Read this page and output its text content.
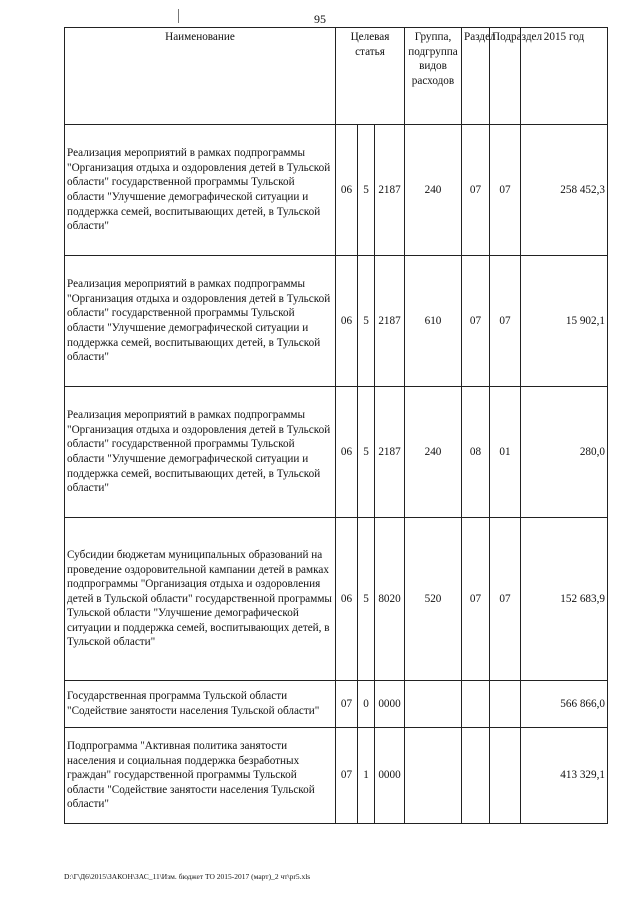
95
Наименование	Целевая статья			Группа, подгруппа видов расходов	Раздел	Подраздел	2015 год
Реализация мероприятий в рамках подпрограммы "Организация отдыха и оздоровления детей в Тульской области" государственной программы Тульской области "Улучшение демографической ситуации и поддержка семей, воспитывающих детей, в Тульской области"	06	5	2187	240	07	07	258 452,3
Реализация мероприятий в рамках подпрограммы "Организация отдыха и оздоровления детей в Тульской области" государственной программы Тульской области "Улучшение демографической ситуации и поддержка семей, воспитывающих детей, в Тульской области"	06	5	2187	610	07	07	15 902,1
Реализация мероприятий в рамках подпрограммы "Организация отдыха и оздоровления детей в Тульской области" государственной программы Тульской области "Улучшение демографической ситуации и поддержка семей, воспитывающих детей, в Тульской области"	06	5	2187	240	08	01	280,0
Субсидии бюджетам муниципальных образований на проведение оздоровительной кампании детей в рамках подпрограммы "Организация отдыха и оздоровления детей в Тульской области" государственной программы Тульской области "Улучшение демографической ситуации и поддержка семей, воспитывающих детей, в Тульской области"	06	5	8020	520	07	07	152 683,9
Государственная программа Тульской области "Содействие занятости населения Тульской области"	07	0	0000				566 866,0
Подпрограмма "Активная политика занятости населения и социальная поддержка безработных граждан" государственной программы Тульской области "Содействие занятости населения Тульской области"	07	1	0000				413 329,1
D:\Г\Д6\2015\ЗАКОН\ЗАС_11\Изм. бюджет ТО 2015-2017 (март)_2 чт\pr5.xls
